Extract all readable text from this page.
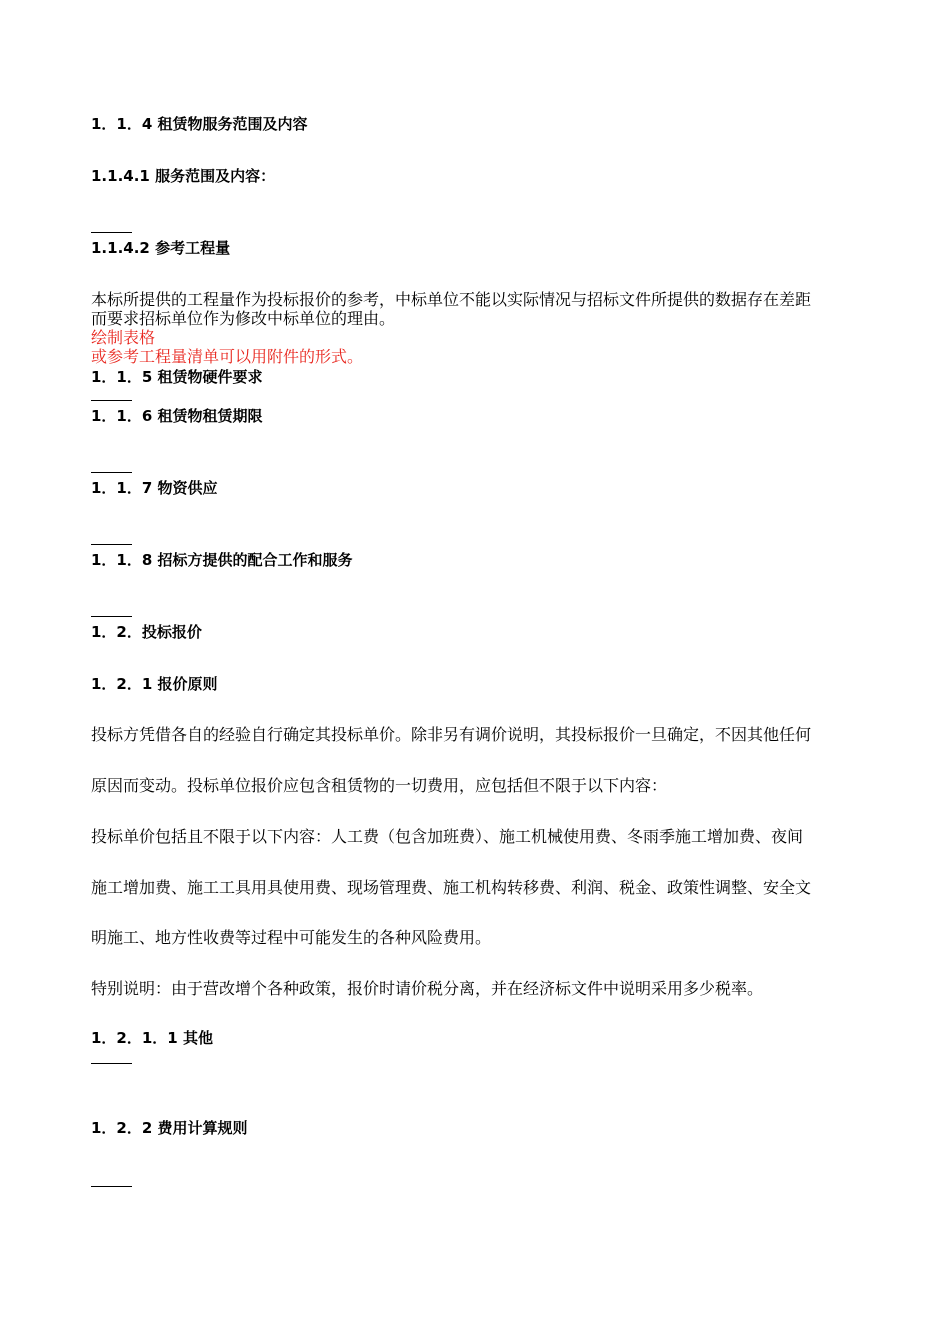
1．1．4 租赁物服务范围及内容
1.1.4.1 服务范围及内容：
1.1.4.2 参考工程量
本标所提供的工程量作为投标报价的参考，中标单位不能以实际情况与招标文件所提供的数据存在差距
而要求招标单位作为修改中标单位的理由。
绘制表格
或参考工程量清单可以用附件的形式。
1．1．5 租赁物硬件要求
1．1．6 租赁物租赁期限
1．1．7 物资供应
1．1．8 招标方提供的配合工作和服务
1．2．投标报价
1．2．1 报价原则
投标方凭借各自的经验自行确定其投标单价。除非另有调价说明，其投标报价一旦确定，不因其他任何
原因而变动。投标单位报价应包含租赁物的一切费用，应包括但不限于以下内容：
投标单价包括且不限于以下内容：人工费（包含加班费）、施工机械使用费、冬雨季施工增加费、夜间
施工增加费、施工工具用具使用费、现场管理费、施工机构转移费、利润、税金、政策性调整、安全文
明施工、地方性收费等过程中可能发生的各种风险费用。
特别说明：由于营改增个各种政策，报价时请价税分离，并在经济标文件中说明采用多少税率。
1．2．1．1 其他
1．2．2 费用计算规则
